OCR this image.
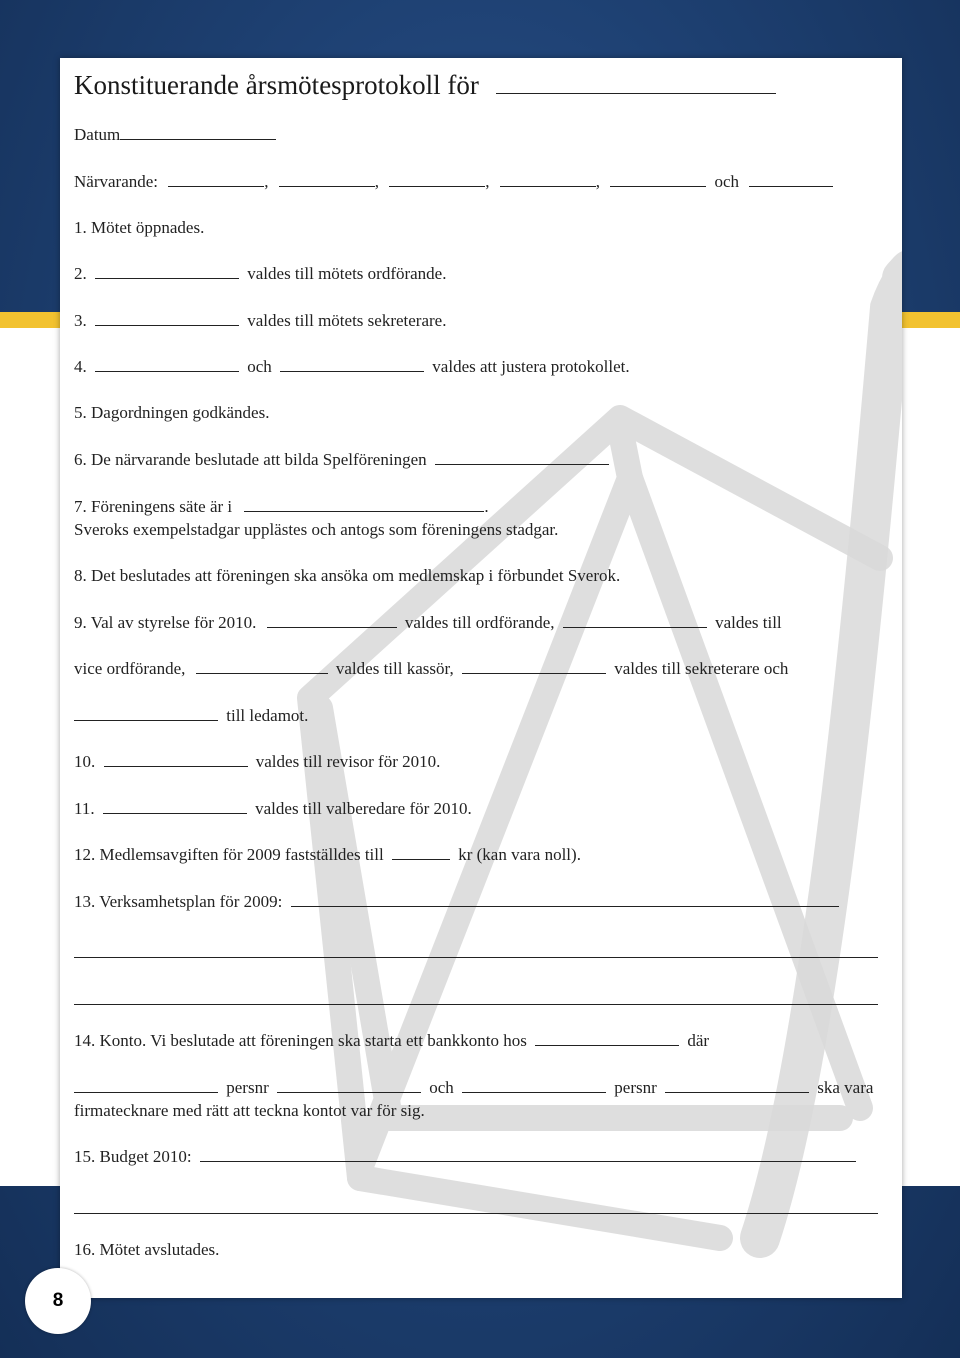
Konstituerande årsmötesprotokoll för
Datum
Närvarande:	,	,	,	,	och
1. Mötet öppnades.
2.	valdes till mötets ordförande.
3.	valdes till mötets sekreterare.
4.	och	valdes att justera protokollet.
5. Dagordningen godkändes.
6. De närvarande beslutade att bilda Spelföreningen
7. Föreningens säte är i	.
Sveroks exempelstadgar upplästes och antogs som föreningens stadgar.
8. Det beslutades att föreningen ska ansöka om medlemskap i förbundet Sverok.
9. Val av styrelse för 2010.	valdes till ordförande,	valdes till
vice ordförande,	valdes till kassör,	valdes till sekreterare och
till ledamot.
10.	valdes till revisor för 2010.
11.	valdes till valberedare för 2010.
12. Medlemsavgiften för 2009 fastställdes till	kr (kan vara noll).
13. Verksamhetsplan för 2009:
14. Konto. Vi beslutade att föreningen ska starta ett bankkonto hos	där
persnr	och	persnr	ska vara
firmatecknare med rätt att teckna kontot var för sig.
15. Budget 2010:
16. Mötet avslutades.
8
